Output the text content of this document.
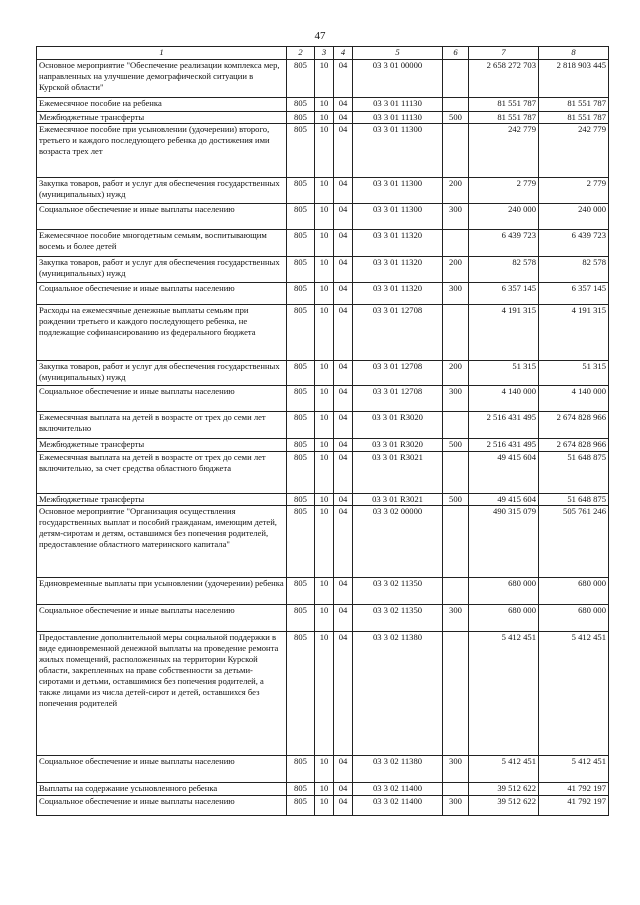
47
1	2	3	4	5	6	7	8
Основное мероприятие "Обеспечение реализации комплекса мер, направленных на улучшение демографической ситуации в Курской области"	805	10	04	03 3 01 00000		2 658 272 703	2 818 903 445
Ежемесячное пособие на ребенка	805	10	04	03 3 01 11130		81 551 787	81 551 787
Межбюджетные трансферты	805	10	04	03 3 01 11130	500	81 551 787	81 551 787
Ежемесячное пособие при усыновлении (удочерении) второго, третьего и каждого последующего ребенка до достижения ими возраста трех лет	805	10	04	03 3 01 11300		242 779	242 779
Закупка товаров, работ и услуг для обеспечения государственных (муниципальных) нужд	805	10	04	03 3 01 11300	200	2 779	2 779
Социальное обеспечение и иные выплаты населению	805	10	04	03 3 01 11300	300	240 000	240 000
Ежемесячное пособие многодетным семьям, воспитывающим восемь и более детей	805	10	04	03 3 01 11320		6 439 723	6 439 723
Закупка товаров, работ и услуг для обеспечения государственных (муниципальных) нужд	805	10	04	03 3 01 11320	200	82 578	82 578
Социальное обеспечение и иные выплаты населению	805	10	04	03 3 01 11320	300	6 357 145	6 357 145
Расходы на ежемесячные денежные выплаты семьям при рождении третьего и каждого последующего ребенка, не подлежащие софинансированию из федерального бюджета	805	10	04	03 3 01 12708		4 191 315	4 191 315
Закупка товаров, работ и услуг для обеспечения государственных (муниципальных) нужд	805	10	04	03 3 01 12708	200	51 315	51 315
Социальное обеспечение и иные выплаты населению	805	10	04	03 3 01 12708	300	4 140 000	4 140 000
Ежемесячная выплата на детей в возрасте от трех до семи лет включительно	805	10	04	03 3 01 R3020		2 516 431 495	2 674 828 966
Межбюджетные трансферты	805	10	04	03 3 01 R3020	500	2 516 431 495	2 674 828 966
Ежемесячная выплата на детей в возрасте от трех до семи лет включительно, за счет средства областного бюджета	805	10	04	03 3 01 R3021		49 415 604	51 648 875
Межбюджетные трансферты	805	10	04	03 3 01 R3021	500	49 415 604	51 648 875
Основное мероприятие "Организация осуществления государственных выплат и пособий гражданам, имеющим детей, детям-сиротам и детям, оставшимся без попечения родителей, предоставление областного материнского капитала"	805	10	04	03 3 02 00000		490 315 079	505 761 246
Единовременные выплаты при усыновлении (удочерении) ребенка	805	10	04	03 3 02 11350		680 000	680 000
Социальное обеспечение и иные выплаты населению	805	10	04	03 3 02 11350	300	680 000	680 000
Предоставление дополнительной меры социальной поддержки в виде единовременной денежной выплаты на проведение ремонта жилых помещений, расположенных на территории Курской области, закрепленных на праве собственности за детьми-сиротами и детьми, оставшимися без попечения родителей, а также лицами из числа детей-сирот и детей, оставшихся без попечения родителей	805	10	04	03 3 02 11380		5 412 451	5 412 451
Социальное обеспечение и иные выплаты населению	805	10	04	03 3 02 11380	300	5 412 451	5 412 451
Выплаты на содержание усыновленного ребенка	805	10	04	03 3 02 11400		39 512 622	41 792 197
Социальное обеспечение и иные выплаты населению	805	10	04	03 3 02 11400	300	39 512 622	41 792 197
